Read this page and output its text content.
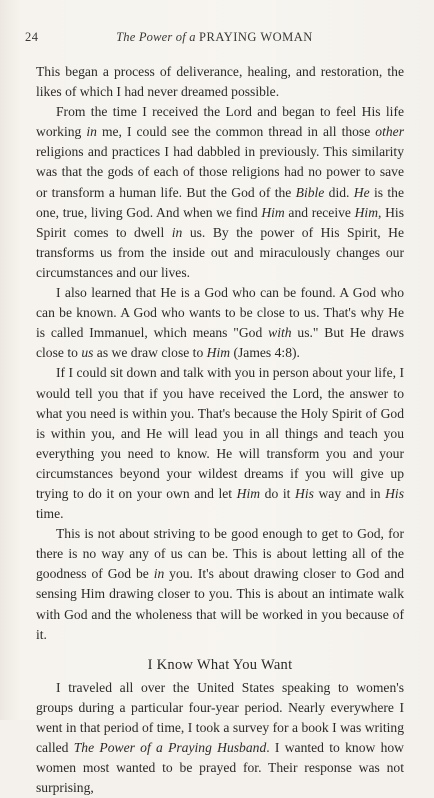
24	The Power of a PRAYING WOMAN

This began a process of deliverance, healing, and restoration, the likes of which I had never dreamed possible.

From the time I received the Lord and began to feel His life working in me, I could see the common thread in all those other religions and practices I had dabbled in previously. This similarity was that the gods of each of those religions had no power to save or transform a human life. But the God of the Bible did. He is the one, true, living God. And when we find Him and receive Him, His Spirit comes to dwell in us. By the power of His Spirit, He transforms us from the inside out and miraculously changes our circumstances and our lives.

I also learned that He is a God who can be found. A God who can be known. A God who wants to be close to us. That's why He is called Immanuel, which means "God with us." But He draws close to us as we draw close to Him (James 4:8).

If I could sit down and talk with you in person about your life, I would tell you that if you have received the Lord, the answer to what you need is within you. That's because the Holy Spirit of God is within you, and He will lead you in all things and teach you everything you need to know. He will transform you and your circumstances beyond your wildest dreams if you will give up trying to do it on your own and let Him do it His way and in His time.

This is not about striving to be good enough to get to God, for there is no way any of us can be. This is about letting all of the goodness of God be in you. It's about drawing closer to God and sensing Him drawing closer to you. This is about an intimate walk with God and the wholeness that will be worked in you because of it.

I Know What You Want

I traveled all over the United States speaking to women's groups during a particular four-year period. Nearly everywhere I went in that period of time, I took a survey for a book I was writing called The Power of a Praying Husband. I wanted to know how women most wanted to be prayed for. Their response was not surprising,
